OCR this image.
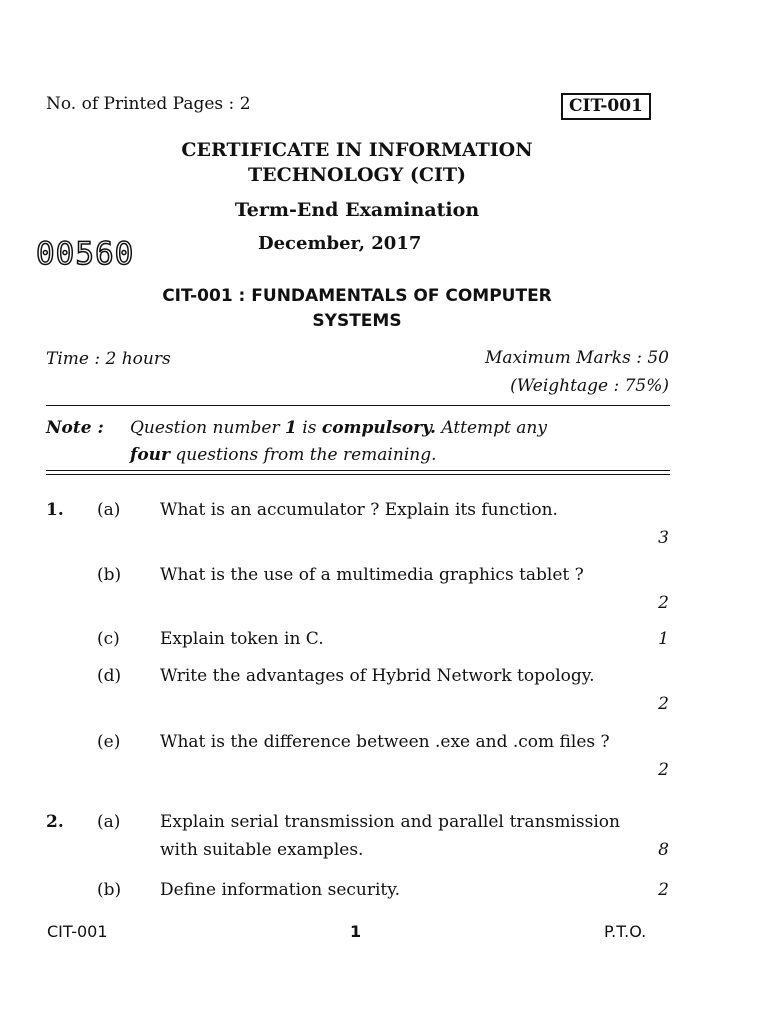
No. of Printed Pages : 2	CIT-001
CERTIFICATE IN INFORMATION
TECHNOLOGY (CIT)
Term-End Examination
00560	December, 2017
CIT-001 : FUNDAMENTALS OF COMPUTER
SYSTEMS
Time : 2 hours	Maximum Marks : 50
(Weightage : 75%)
Note : Question number 1 is compulsory. Attempt any
four questions from the remaining.
1. (a) What is an accumulator ? Explain its function.
3
(b) What is the use of a multimedia graphics tablet ?
2
(c) Explain token in C.	1
(d) Write the advantages of Hybrid Network topology.
2
(e) What is the difference between .exe and .com files ?
2
2. (a) Explain serial transmission and parallel transmission with suitable examples.	8
(b) Define information security.	2
CIT-001	1	P.T.O.
